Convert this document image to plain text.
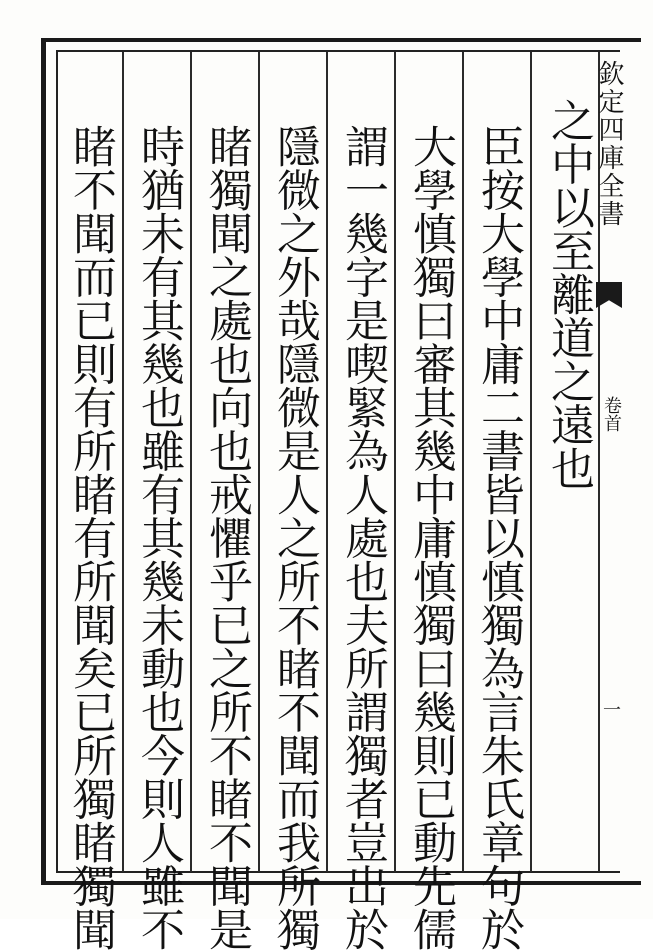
之中以至離道之遠也
臣按大學中庸二書皆以慎獨為言朱氏章句於
大學慎獨曰審其幾中庸慎獨曰幾則已動先儒
謂一幾字是喫緊為人處也夫所謂獨者豈出於
隱微之外哉隱微是人之所不睹不聞而我所獨
睹獨聞之處也向也戒懼乎已之所不睹不聞是
時猶未有其幾也雖有其幾未動也今則人雖不
睹不聞而已則有所睹有所聞矣已所獨睹獨聞	欽定四庫全書
卷首
一
